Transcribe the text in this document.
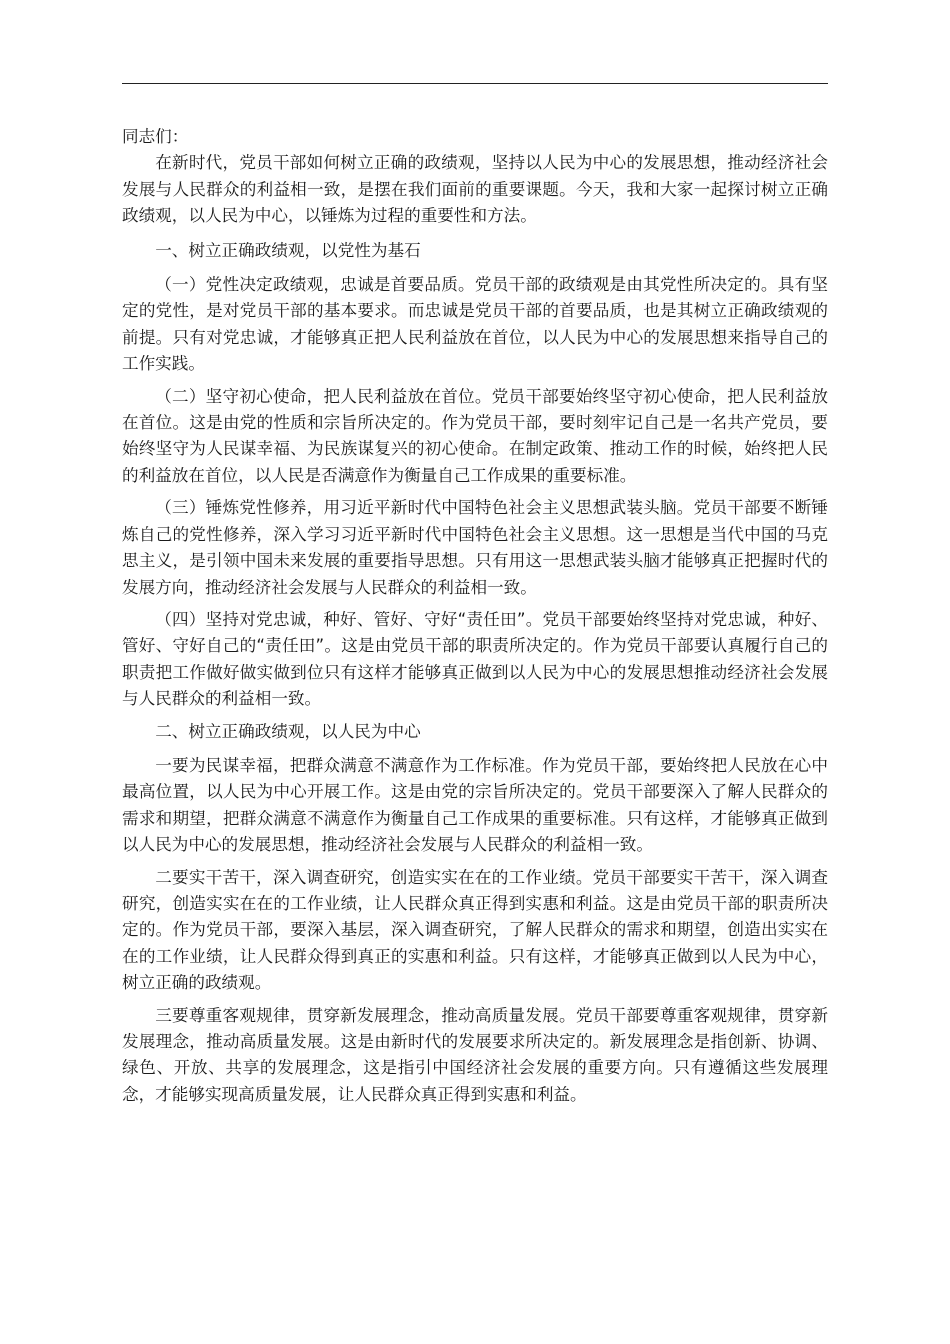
同志们：

在新时代，党员干部如何树立正确的政绩观，坚持以人民为中心的发展思想，推动经济社会发展与人民群众的利益相一致，是摆在我们面前的重要课题。今天，我和大家一起探讨树立正确政绩观，以人民为中心，以锤炼为过程的重要性和方法。

一、树立正确政绩观，以党性为基石

（一）党性决定政绩观，忠诚是首要品质。党员干部的政绩观是由其党性所决定的。具有坚定的党性，是对党员干部的基本要求。而忠诚是党员干部的首要品质，也是其树立正确政绩观的前提。只有对党忠诚，才能够真正把人民利益放在首位，以人民为中心的发展思想来指导自己的工作实践。

（二）坚守初心使命，把人民利益放在首位。党员干部要始终坚守初心使命，把人民利益放在首位。这是由党的性质和宗旨所决定的。作为党员干部，要时刻牢记自己是一名共产党员，要始终坚守为人民谋幸福、为民族谋复兴的初心使命。在制定政策、推动工作的时候，始终把人民的利益放在首位，以人民是否满意作为衡量自己工作成果的重要标准。

（三）锤炼党性修养，用习近平新时代中国特色社会主义思想武装头脑。党员干部要不断锤炼自己的党性修养，深入学习习近平新时代中国特色社会主义思想。这一思想是当代中国的马克思主义，是引领中国未来发展的重要指导思想。只有用这一思想武装头脑才能够真正把握时代的发展方向，推动经济社会发展与人民群众的利益相一致。

（四）坚持对党忠诚，种好、管好、守好“责任田”。党员干部要始终坚持对党忠诚，种好、管好、守好自己的“责任田”。这是由党员干部的职责所决定的。作为党员干部要认真履行自己的职责把工作做好做实做到位只有这样才能够真正做到以人民为中心的发展思想推动经济社会发展与人民群众的利益相一致。

二、树立正确政绩观，以人民为中心

一要为民谋幸福，把群众满意不满意作为工作标准。作为党员干部，要始终把人民放在心中最高位置，以人民为中心开展工作。这是由党的宗旨所决定的。党员干部要深入了解人民群众的需求和期望，把群众满意不满意作为衡量自己工作成果的重要标准。只有这样，才能够真正做到以人民为中心的发展思想，推动经济社会发展与人民群众的利益相一致。

二要实干苦干，深入调查研究，创造实实在在的工作业绩。党员干部要实干苦干，深入调查研究，创造实实在在的工作业绩，让人民群众真正得到实惠和利益。这是由党员干部的职责所决定的。作为党员干部，要深入基层，深入调查研究，了解人民群众的需求和期望，创造出实实在在的工作业绩，让人民群众得到真正的实惠和利益。只有这样，才能够真正做到以人民为中心，树立正确的政绩观。

三要尊重客观规律，贯穿新发展理念，推动高质量发展。党员干部要尊重客观规律，贯穿新发展理念，推动高质量发展。这是由新时代的发展要求所决定的。新发展理念是指创新、协调、绿色、开放、共享的发展理念，这是指引中国经济社会发展的重要方向。只有遵循这些发展理念，才能够实现高质量发展，让人民群众真正得到实惠和利益。
